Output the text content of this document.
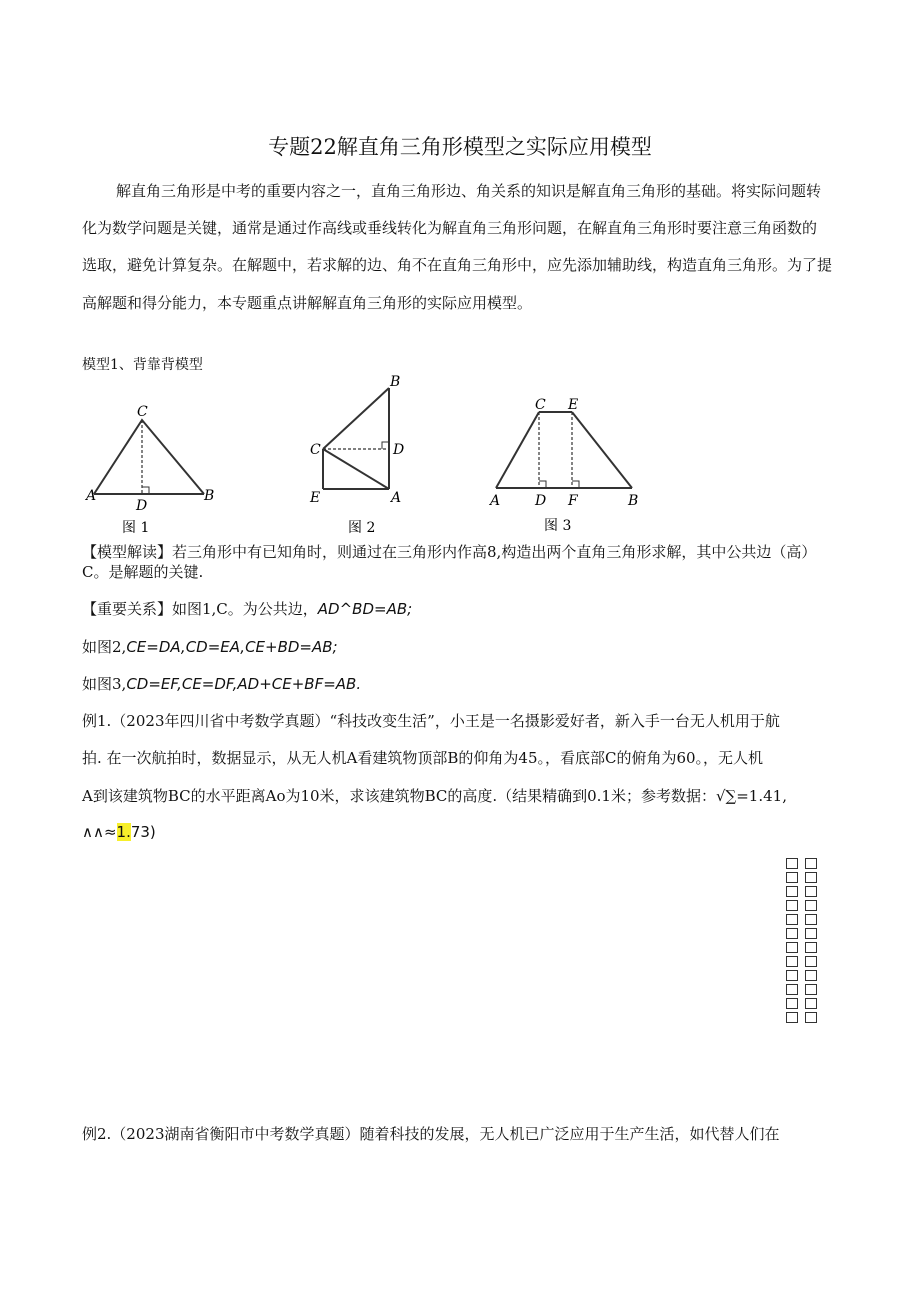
专题22解直角三角形模型之实际应用模型
解直角三角形是中考的重要内容之一，直角三角形边、角关系的知识是解直角三角形的基础。将实际问题转
化为数学问题是关键，通常是通过作高线或垂线转化为解直角三角形问题，在解直角三角形时要注意三角函数的
选取，避免计算复杂。在解题中，若求解的边、角不在直角三角形中，应先添加辅助线，构造直角三角形。为了提
高解题和得分能力，本专题重点讲解解直角三角形的实际应用模型。
模型1、背靠背模型
C
A
D
B
图 1
B
C	D
E	A
图 2
C E
A D F	B
图 3
【模型解读】若三角形中有已知角时，则通过在三角形内作高8,构造出两个直角三角形求解，其中公共边（高）
C。是解题的关键.
【重要关系】如图1,C。为公共边，AD^BD=AB;
如图2,CE=DA,CD=EA,CE+BD=AB;
如图3,CD=EF,CE=DF,AD+CE+BF=AB.
例1.（2023年四川省中考数学真题）“科技改变生活”，小王是一名摄影爱好者，新入手一台无人机用于航
拍. 在一次航拍时，数据显示，从无人机A看建筑物顶部B的仰角为45。，看底部C的俯角为60。，无人机
A到该建筑物BC的水平距离Ao为10米，求该建筑物BC的高度.（结果精确到0.1米；参考数据：√∑=1.41,
∧∧≈1.73)
例2.（2023湖南省衡阳市中考数学真题）随着科技的发展，无人机已广泛应用于生产生活，如代替人们在
